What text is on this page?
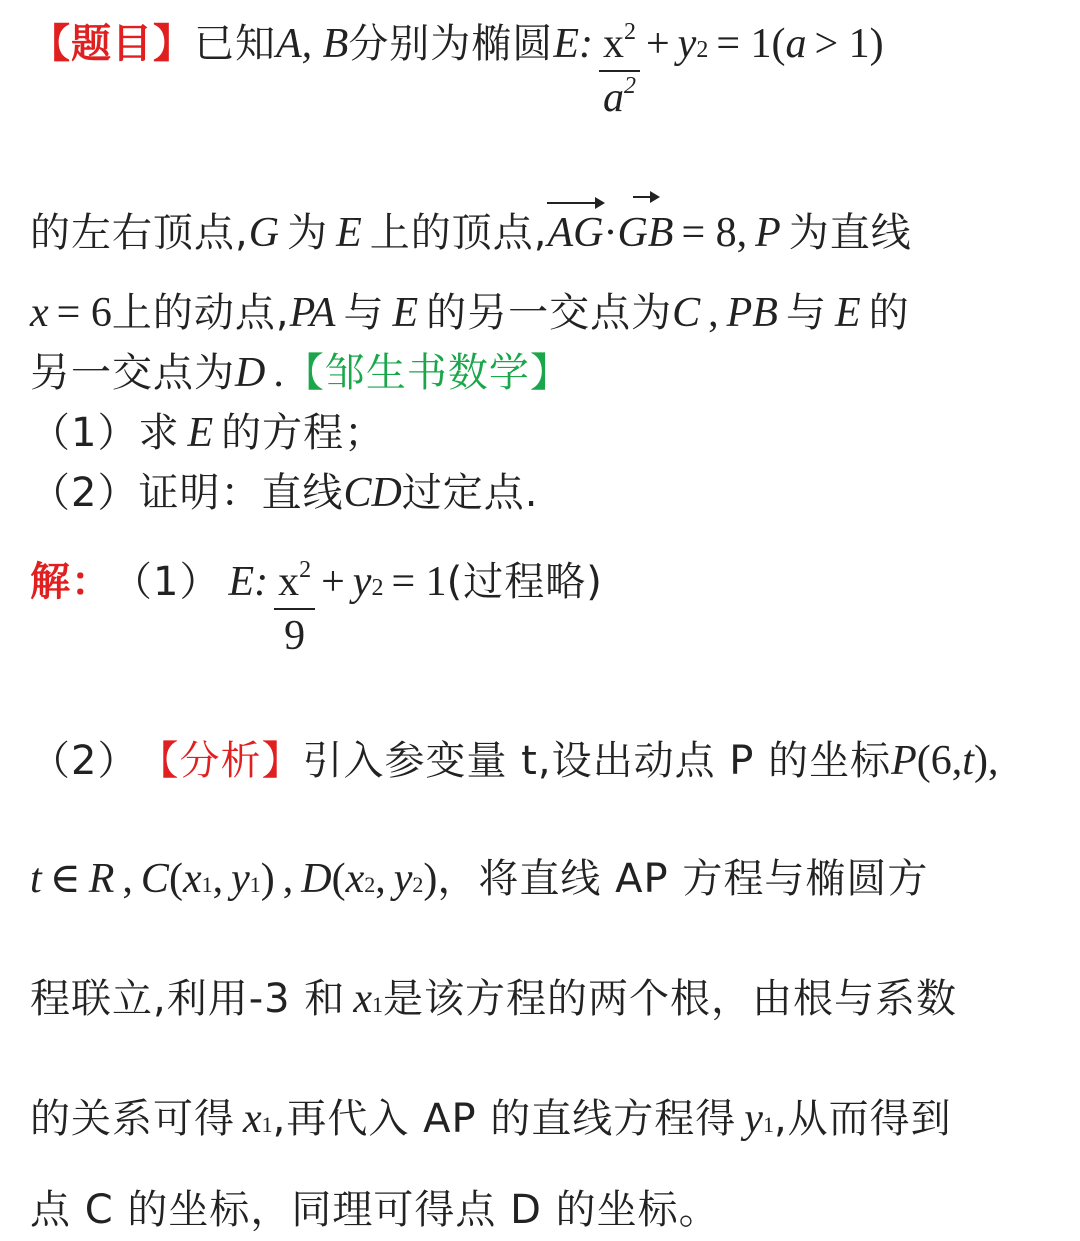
【题目】 已知 A, B 分别为椭圆 E: $\frac{x^2}{a^2} + y$ 2 = 1( a > 1)
的左右顶点, G 为 E 上的顶点, AG · GB = 8 , P 为直线
x = 6 上的动点, PA 与 E 的另一交点为 C , PB 与 E 的
另一交点为 D . 【邹生书数学】
（1） 求 E 的方程；
（2） 证明：直线 CD 过定点.
解： （1） E: $\frac{x^2}{9} + y$ 2 = 1 (过程略)
（2） 【分析】 引入参变量 t,设出动点 P 的坐标 P (6, t ),
t ∈ R , C ( x 1 , y 1 ) , D ( x 2 , y 2 ) ，将直线 AP 方程与椭圆方
程联立,利用-3 和 x 1 是该方程的两个根，由根与系数
的关系可得 x 1 ,再代入 AP 的直线方程得 y 1 ,从而得到
点 C 的坐标，同理可得点 D 的坐标。
